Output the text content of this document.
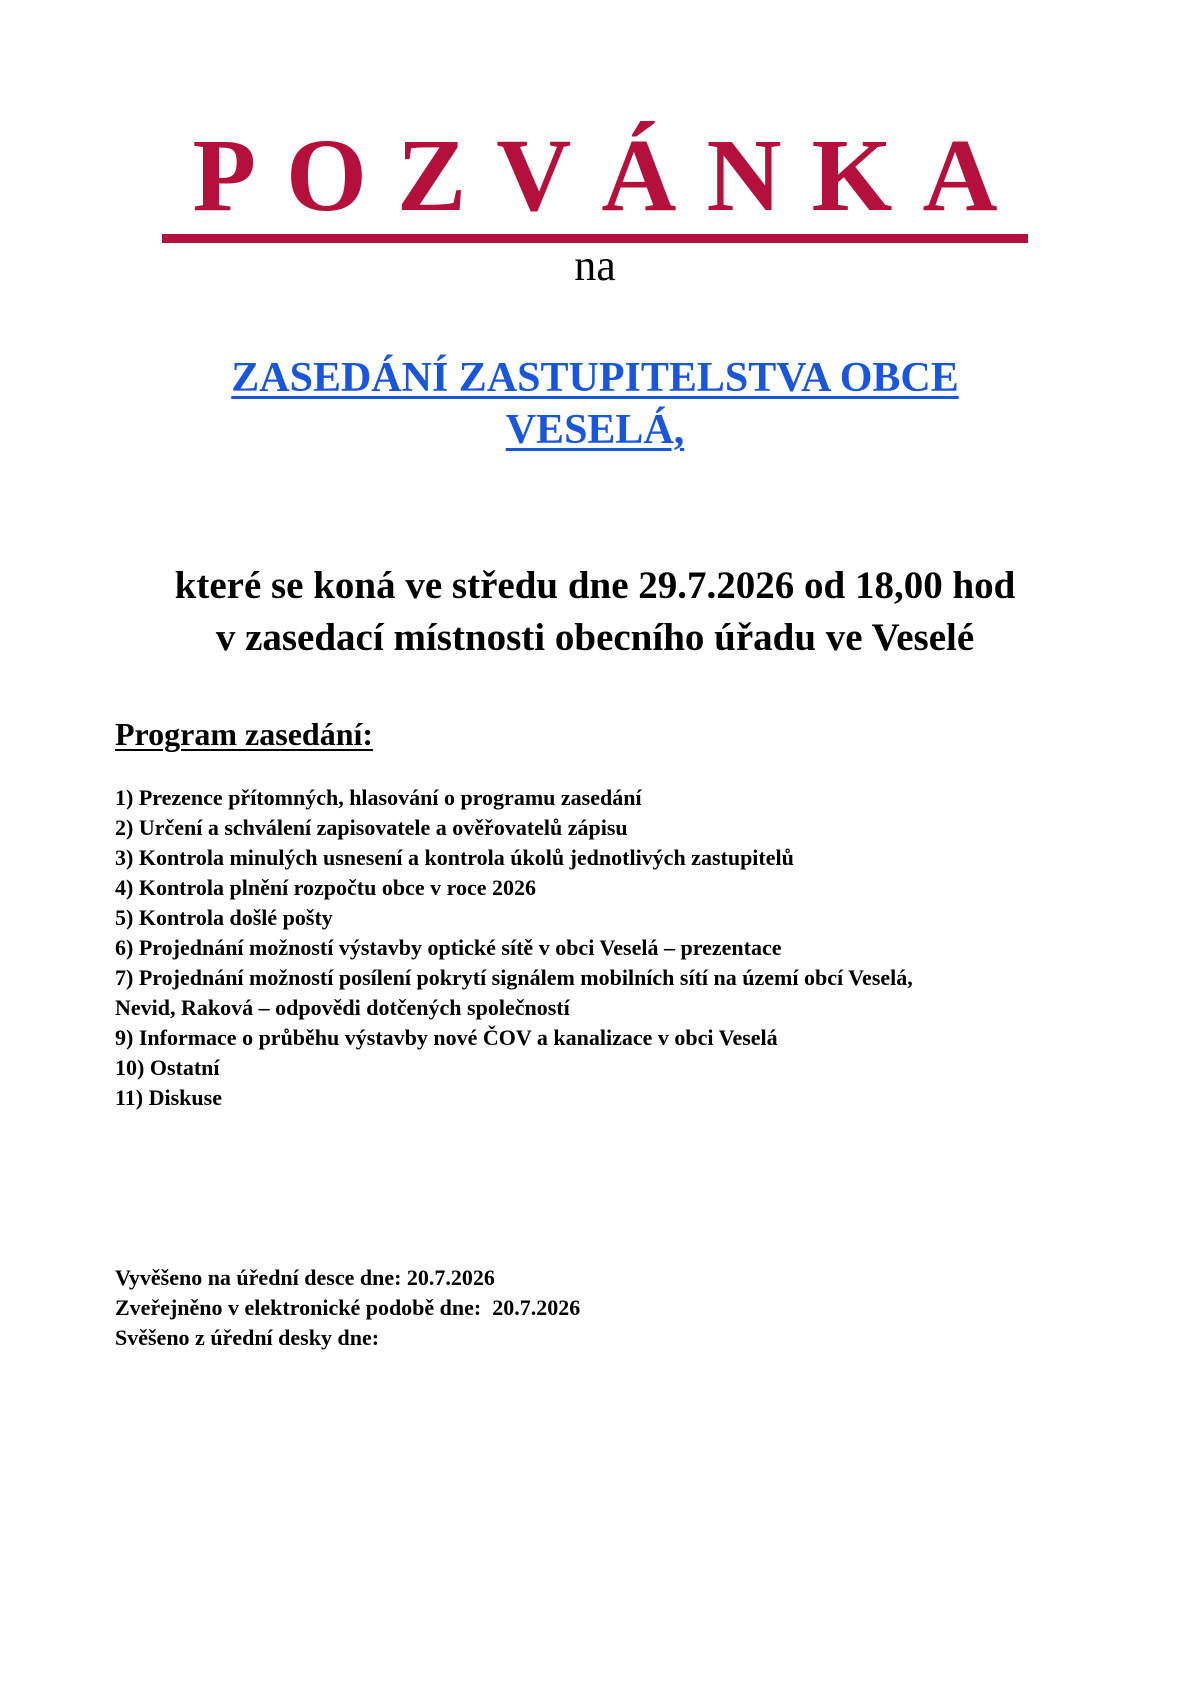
POZVÁNKA
na
ZASEDÁNÍ ZASTUPITELSTVA OBCE
VESELÁ,
které se koná ve středu dne 29.7.2026 od 18,00 hod
v zasedací místnosti obecního úřadu ve Veselé
Program zasedání:
1) Prezence přítomných, hlasování o programu zasedání
2) Určení a schválení zapisovatele a ověřovatelů zápisu
3) Kontrola minulých usnesení a kontrola úkolů jednotlivých zastupitelů
4) Kontrola plnění rozpočtu obce v roce 2026
5) Kontrola došlé pošty
6) Projednání možností výstavby optické sítě v obci Veselá – prezentace
7) Projednání možností posílení pokrytí signálem mobilních sítí na území obcí Veselá,
Nevid, Raková – odpovědi dotčených společností
9) Informace o průběhu výstavby nové ČOV a kanalizace v obci Veselá
10) Ostatní
11) Diskuse
Vyvěšeno na úřední desce dne: 20.7.2026
Zveřejněno v elektronické podobě dne:  20.7.2026
Svěšeno z úřední desky dne:
